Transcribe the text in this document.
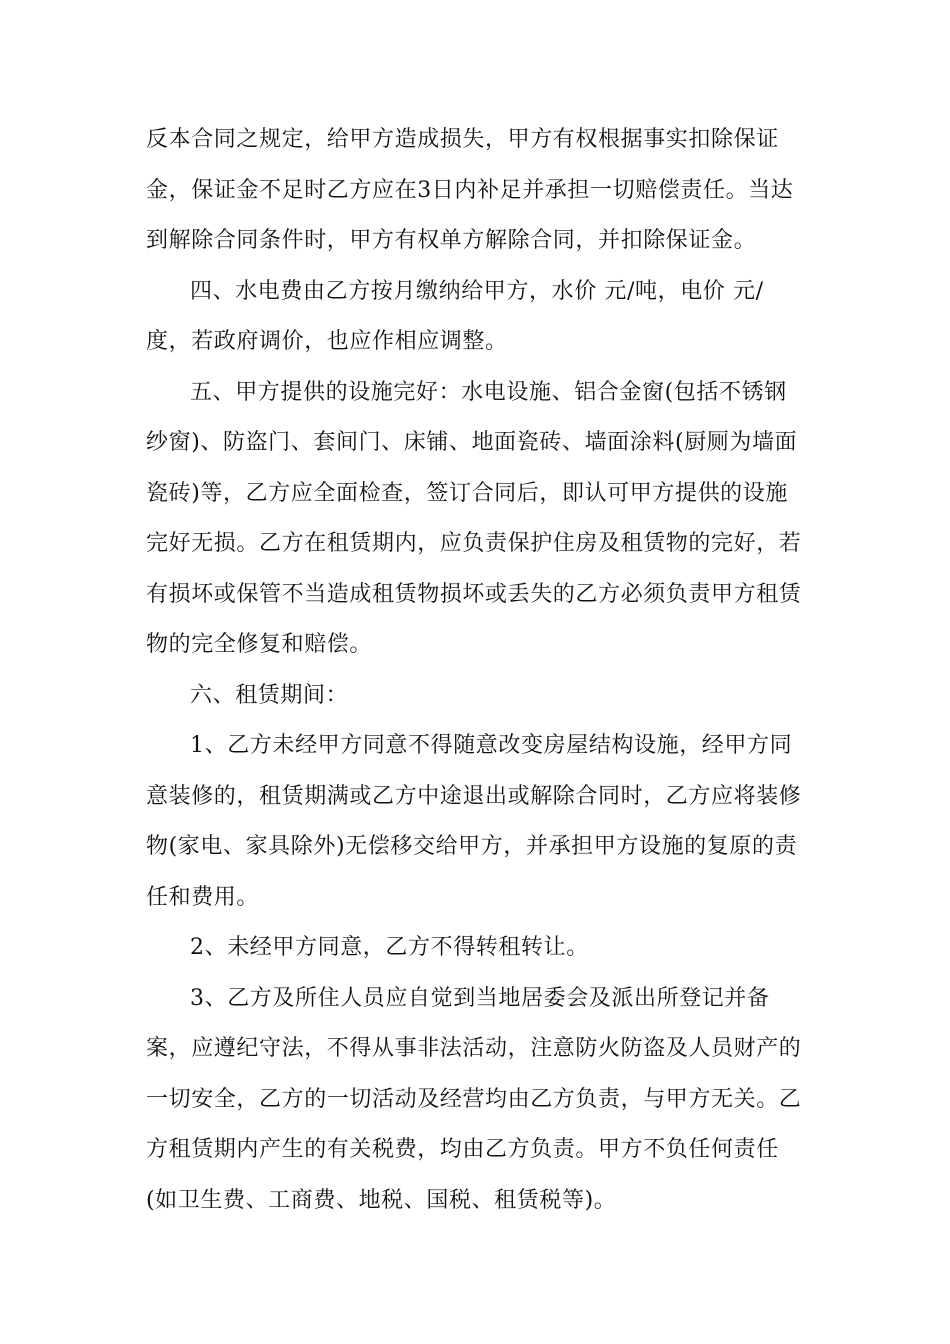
反本合同之规定，给甲方造成损失，甲方有权根据事实扣除保证金，保证金不足时乙方应在3日内补足并承担一切赔偿责任。当达到解除合同条件时，甲方有权单方解除合同，并扣除保证金。

四、水电费由乙方按月缴纳给甲方，水价 元/吨，电价 元/度，若政府调价，也应作相应调整。

五、甲方提供的设施完好：水电设施、铝合金窗(包括不锈钢纱窗)、防盗门、套间门、床铺、地面瓷砖、墙面涂料(厨厕为墙面瓷砖)等，乙方应全面检查，签订合同后，即认可甲方提供的设施完好无损。乙方在租赁期内，应负责保护住房及租赁物的完好，若有损坏或保管不当造成租赁物损坏或丢失的乙方必须负责甲方租赁物的完全修复和赔偿。

六、租赁期间：

1、乙方未经甲方同意不得随意改变房屋结构设施，经甲方同意装修的，租赁期满或乙方中途退出或解除合同时，乙方应将装修物(家电、家具除外)无偿移交给甲方，并承担甲方设施的复原的责任和费用。

2、未经甲方同意，乙方不得转租转让。

3、乙方及所住人员应自觉到当地居委会及派出所登记并备案，应遵纪守法，不得从事非法活动，注意防火防盗及人员财产的一切安全，乙方的一切活动及经营均由乙方负责，与甲方无关。乙方租赁期内产生的有关税费，均由乙方负责。甲方不负任何责任(如卫生费、工商费、地税、国税、租赁税等)。
